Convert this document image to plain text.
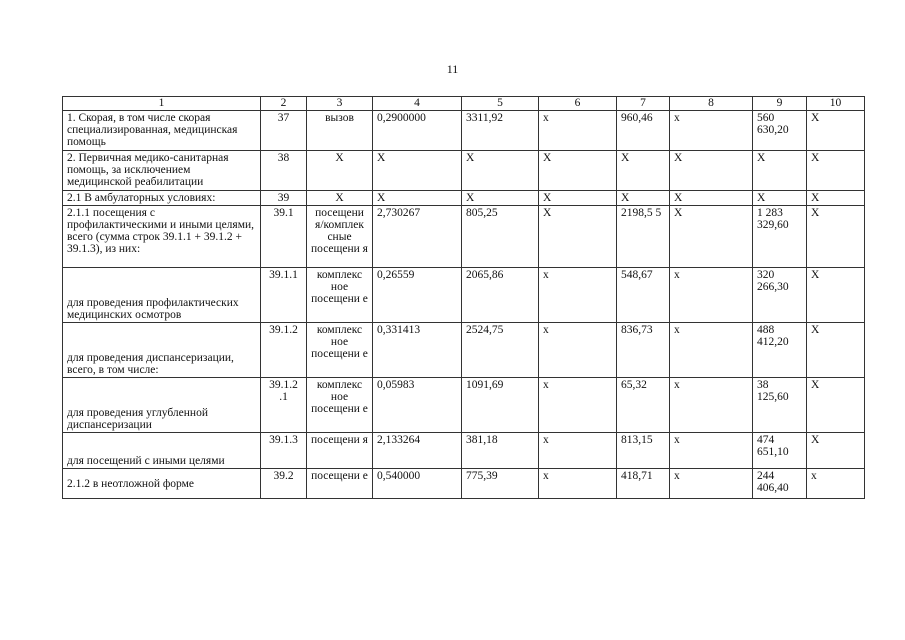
11
1	2	3	4	5	6	7	8	9	10
1. Скорая, в том числе скорая специализированная, медицинская помощь	37	вызов	0,2900000	3311,92	х	960,46	х	560 630,20	Х
2. Первичная медико-санитарная помощь, за исключением медицинской реабилитации	38	Х	Х	Х	Х	Х	Х	Х	Х
2.1 В амбулаторных условиях:	39	Х	Х	Х	Х	Х	Х	Х	Х
2.1.1 посещения с профилактическими и иными целями, всего (сумма строк 39.1.1 + 39.1.2 + 39.1.3), из них:	39.1	посещени я/комплек сные посещени я	2,730267	805,25	Х	2198,5 5	Х	1 283 329,60	Х
для проведения профилактических медицинских осмотров	39.1.1	комплекс ное посещени е	0,26559	2065,86	х	548,67	х	320 266,30	Х
для проведения диспансеризации, всего, в том числе:	39.1.2	комплекс ное посещени е	0,331413	2524,75	х	836,73	х	488 412,20	Х
для проведения углубленной диспансеризации	39.1.2 .1	комплекс ное посещени е	0,05983	1091,69	х	65,32	х	38 125,60	Х
для посещений с иными целями	39.1.3	посещени я	2,133264	381,18	х	813,15	х	474 651,10	Х
2.1.2 в неотложной форме	39.2	посещени е	0,540000	775,39	х	418,71	х	244 406,40	х
